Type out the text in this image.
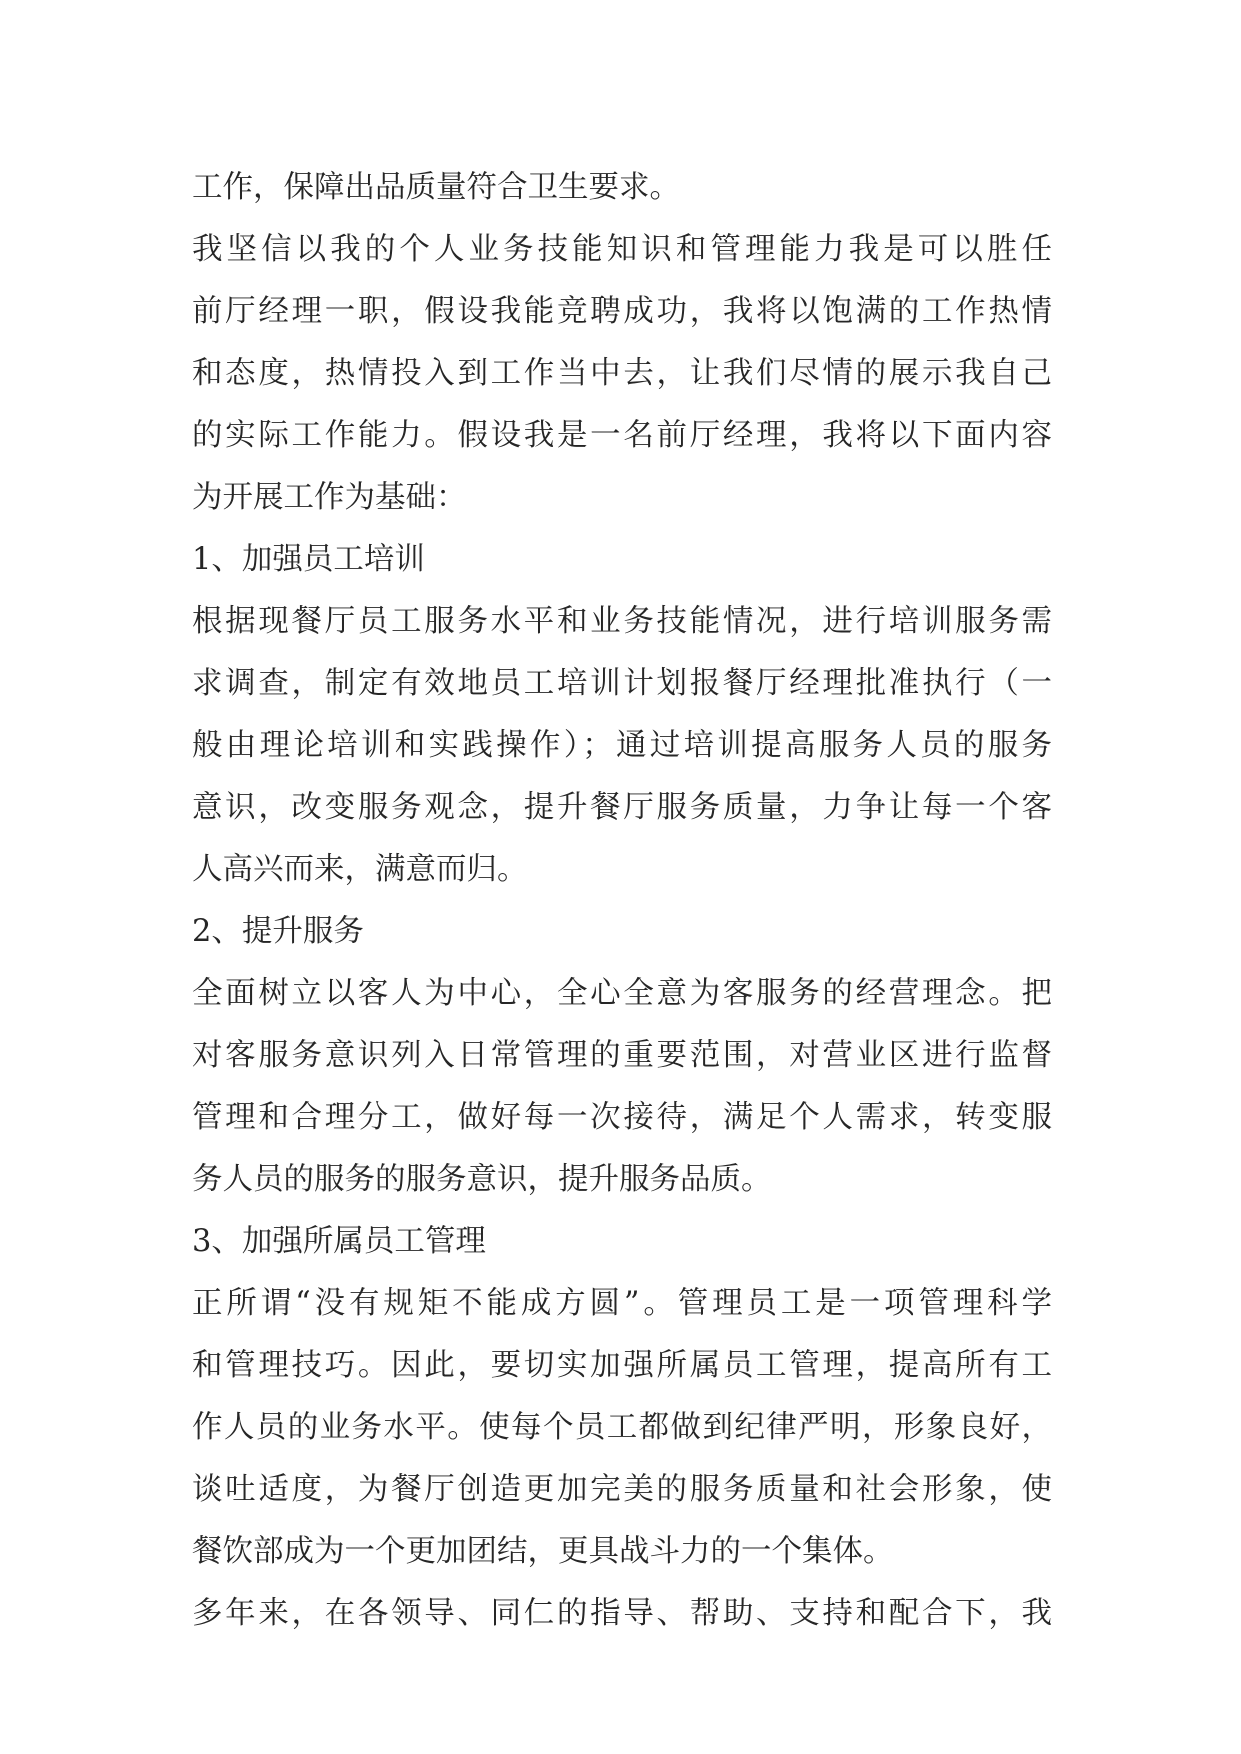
工作，保障出品质量符合卫生要求。
我坚信以我的个人业务技能知识和管理能力我是可以胜任
前厅经理一职，假设我能竞聘成功，我将以饱满的工作热情
和态度，热情投入到工作当中去，让我们尽情的展示我自己
的实际工作能力。假设我是一名前厅经理，我将以下面内容
为开展工作为基础：
1、加强员工培训
根据现餐厅员工服务水平和业务技能情况，进行培训服务需
求调查，制定有效地员工培训计划报餐厅经理批准执行（一
般由理论培训和实践操作）；通过培训提高服务人员的服务
意识，改变服务观念，提升餐厅服务质量，力争让每一个客
人高兴而来，满意而归。
2、提升服务
全面树立以客人为中心，全心全意为客服务的经营理念。把
对客服务意识列入日常管理的重要范围，对营业区进行监督
管理和合理分工，做好每一次接待，满足个人需求，转变服
务人员的服务的服务意识，提升服务品质。
3、加强所属员工管理
正所谓“没有规矩不能成方圆”。管理员工是一项管理科学
和管理技巧。因此，要切实加强所属员工管理，提高所有工
作人员的业务水平。使每个员工都做到纪律严明，形象良好，
谈吐适度，为餐厅创造更加完美的服务质量和社会形象，使
餐饮部成为一个更加团结，更具战斗力的一个集体。
多年来，在各领导、同仁的指导、帮助、支持和配合下，我
